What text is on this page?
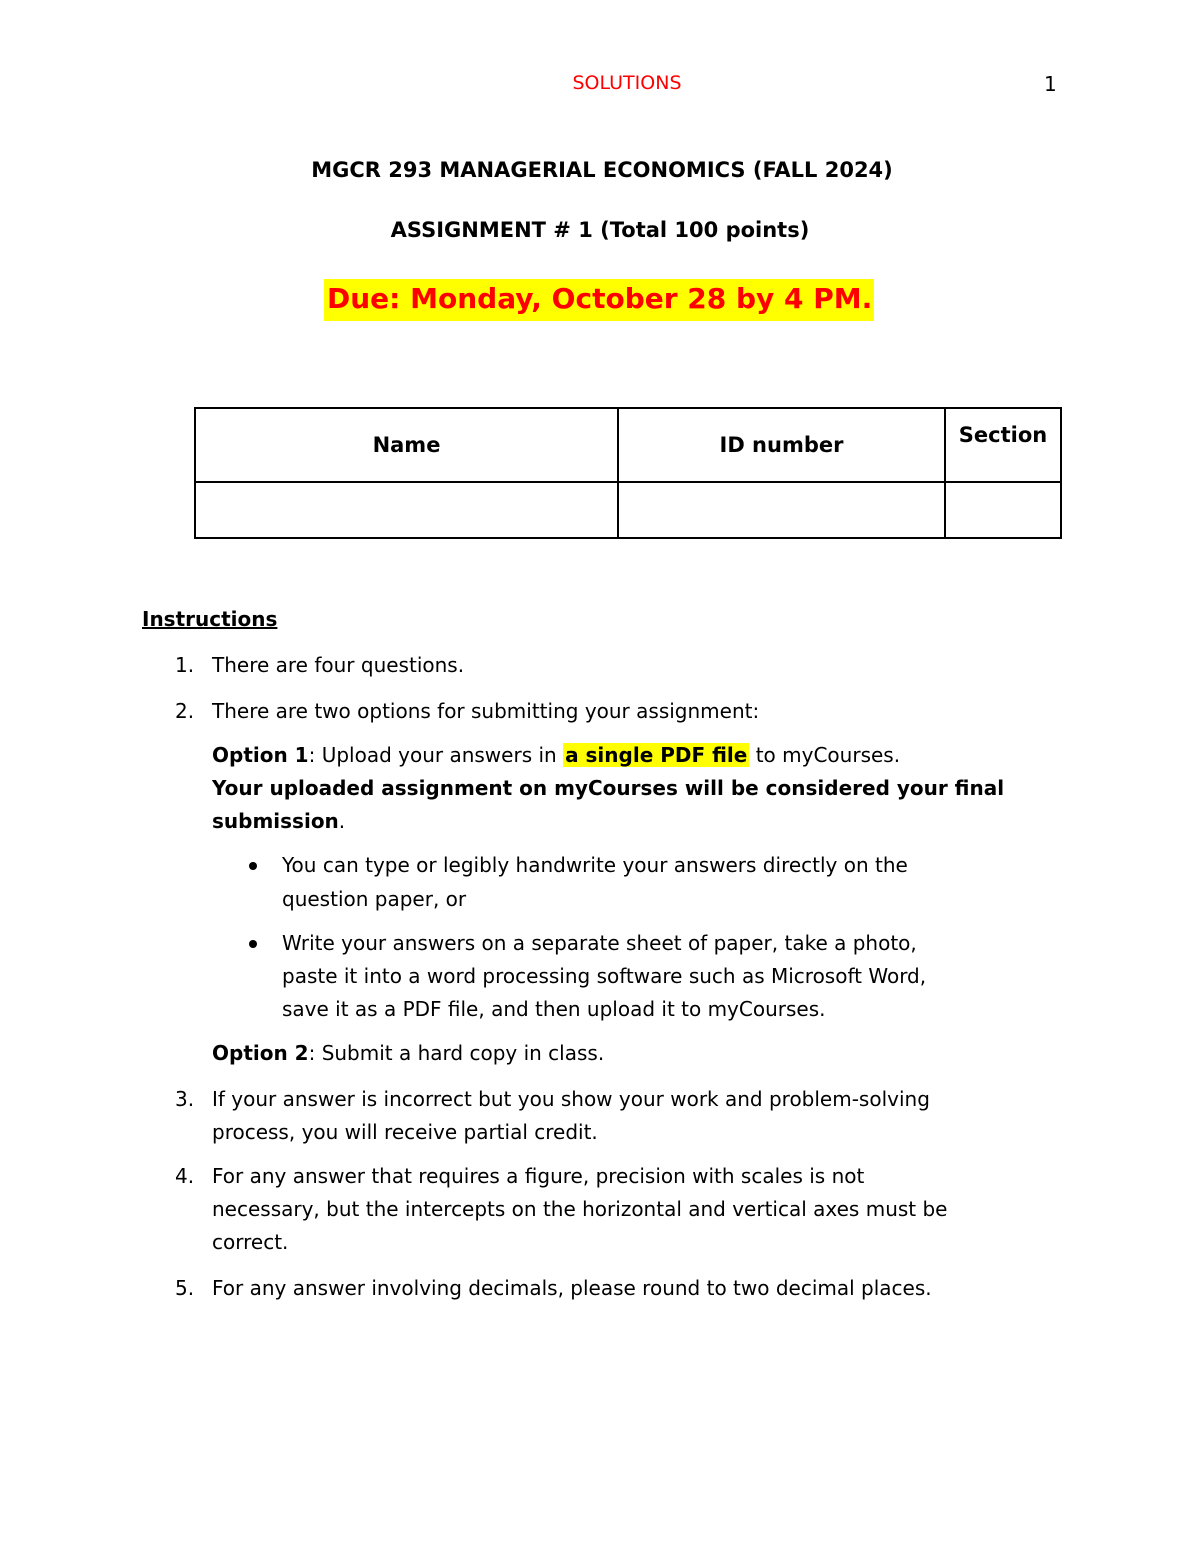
SOLUTIONS	1
MGCR 293 MANAGERIAL ECONOMICS (FALL 2024)
ASSIGNMENT # 1 (Total 100 points)
Due: Monday, October 28 by 4 PM.
Name	ID number	Section

Instructions
1. There are four questions.
2. There are two options for submitting your assignment:
Option 1: Upload your answers in a single PDF file to myCourses.
Your uploaded assignment on myCourses will be considered your final
submission.
You can type or legibly handwrite your answers directly on the
question paper, or
Write your answers on a separate sheet of paper, take a photo,
paste it into a word processing software such as Microsoft Word,
save it as a PDF file, and then upload it to myCourses.
Option 2: Submit a hard copy in class.
3. If your answer is incorrect but you show your work and problem-solving
process, you will receive partial credit.
4. For any answer that requires a figure, precision with scales is not
necessary, but the intercepts on the horizontal and vertical axes must be
correct.
5. For any answer involving decimals, please round to two decimal places.
